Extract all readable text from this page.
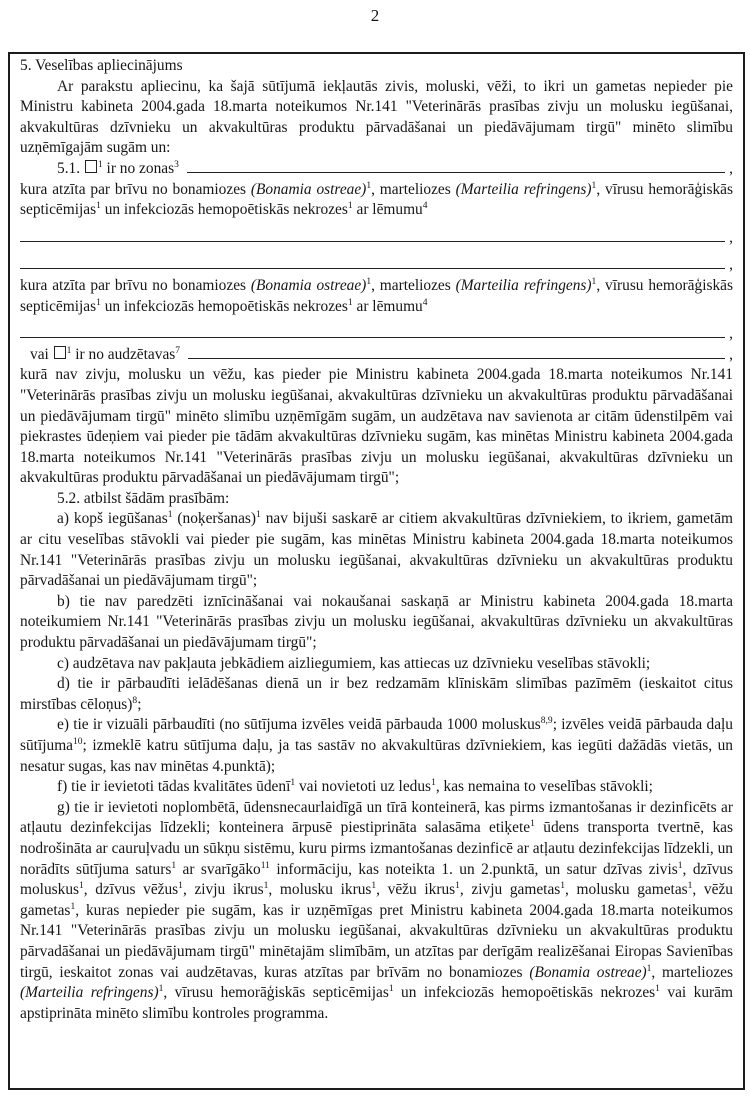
2
5. Veselības apliecinājums
Ar parakstu apliecinu, ka šajā sūtījumā iekļautās zivis, moluski, vēži, to ikri un gametas nepieder pie Ministru kabineta 2004.gada 18.marta noteikumos Nr.141 "Veterinārās prasības zivju un molusku iegūšanai, akvakultūras dzīvnieku un akvakultūras produktu pārvadāšanai un piedāvājumam tirgū" minēto slimību uzņēmīgajām sugām un:
5.1. $^1$ ir no zonas$^3$	,
kura atzīta par brīvu no bonamiozes (Bonamia ostreae)$^1$, marteliozes (Marteilia refringens)$^1$, vīrusu hemorāģiskās septicēmijas$^1$ un infekciozās hemopoētiskās nekrozes$^1$ ar lēmumu$^4$
,
,
kura atzīta par brīvu no bonamiozes (Bonamia ostreae)$^1$, marteliozes (Marteilia refringens)$^1$, vīrusu hemorāģiskās septicēmijas$^1$ un infekciozās hemopoētiskās nekrozes$^1$ ar lēmumu$^4$
,
vai $^1$ ir no audzētavas$^7$	,
kurā nav zivju, molusku un vēžu, kas pieder pie Ministru kabineta 2004.gada 18.marta noteikumos Nr.141 "Veterinārās prasības zivju un molusku iegūšanai, akvakultūras dzīvnieku un akvakultūras produktu pārvadāšanai un piedāvājumam tirgū" minēto slimību uzņēmīgām sugām, un audzētava nav savienota ar citām ūdenstilpēm vai piekrastes ūdeņiem vai pieder pie tādām akvakultūras dzīvnieku sugām, kas minētas Ministru kabineta 2004.gada 18.marta noteikumos Nr.141 "Veterinārās prasības zivju un molusku iegūšanai, akvakultūras dzīvnieku un akvakultūras produktu pārvadāšanai un piedāvājumam tirgū";
5.2. atbilst šādām prasībām:
a) kopš iegūšanas$^1$ (noķeršanas)$^1$ nav bijuši saskarē ar citiem akvakultūras dzīvniekiem, to ikriem, gametām ar citu veselības stāvokli vai pieder pie sugām, kas minētas Ministru kabineta 2004.gada 18.marta noteikumos Nr.141 "Veterinārās prasības zivju un molusku iegūšanai, akvakultūras dzīvnieku un akvakultūras produktu pārvadāšanai un piedāvājumam tirgū";
b) tie nav paredzēti iznīcināšanai vai nokaušanai saskaņā ar Ministru kabineta 2004.gada 18.marta noteikumiem Nr.141 "Veterinārās prasības zivju un molusku iegūšanai, akvakultūras dzīvnieku un akvakultūras produktu pārvadāšanai un piedāvājumam tirgū";
c) audzētava nav pakļauta jebkādiem aizliegumiem, kas attiecas uz dzīvnieku veselības stāvokli;
d) tie ir pārbaudīti ielādēšanas dienā un ir bez redzamām klīniskām slimības pazīmēm (ieskaitot citus mirstības cēloņus)$^8$;
e) tie ir vizuāli pārbaudīti (no sūtījuma izvēles veidā pārbauda 1000 moluskus$^{8,9}$; izvēles veidā pārbauda daļu sūtījuma$^{10}$; izmeklē katru sūtījuma daļu, ja tas sastāv no akvakultūras dzīvniekiem, kas iegūti dažādās vietās, un nesatur sugas, kas nav minētas 4.punktā);
f) tie ir ievietoti tādas kvalitātes ūdenī$^1$ vai novietoti uz ledus$^1$, kas nemaina to veselības stāvokli;
g) tie ir ievietoti noplombētā, ūdensnecaurlaidīgā un tīrā konteinerā, kas pirms izmantošanas ir dezinficēts ar atļautu dezinfekcijas līdzekli; konteinera ārpusē piestiprināta salasāma etiķete$^1$ ūdens transporta tvertnē, kas nodrošināta ar cauruļvadu un sūkņu sistēmu, kuru pirms izmantošanas dezinficē ar atļautu dezinfekcijas līdzekli, un norādīts sūtījuma saturs$^1$ ar svarīgāko$^{11}$ informāciju, kas noteikta 1. un 2.punktā, un satur dzīvas zivis$^1$, dzīvus moluskus$^1$, dzīvus vēžus$^1$, zivju ikrus$^1$, molusku ikrus$^1$, vēžu ikrus$^1$, zivju gametas$^1$, molusku gametas$^1$, vēžu gametas$^1$, kuras nepieder pie sugām, kas ir uzņēmīgas pret Ministru kabineta 2004.gada 18.marta noteikumos Nr.141 "Veterinārās prasības zivju un molusku iegūšanai, akvakultūras dzīvnieku un akvakultūras produktu pārvadāšanai un piedāvājumam tirgū" minētajām slimībām, un atzītas par derīgām realizēšanai Eiropas Savienības tirgū, ieskaitot zonas vai audzētavas, kuras atzītas par brīvām no bonamiozes (Bonamia ostreae)$^1$, marteliozes (Marteilia refringens)$^1$, vīrusu hemorāģiskās septicēmijas$^1$ un infekciozās hemopoētiskās nekrozes$^1$ vai kurām apstiprināta minēto slimību kontroles programma.
